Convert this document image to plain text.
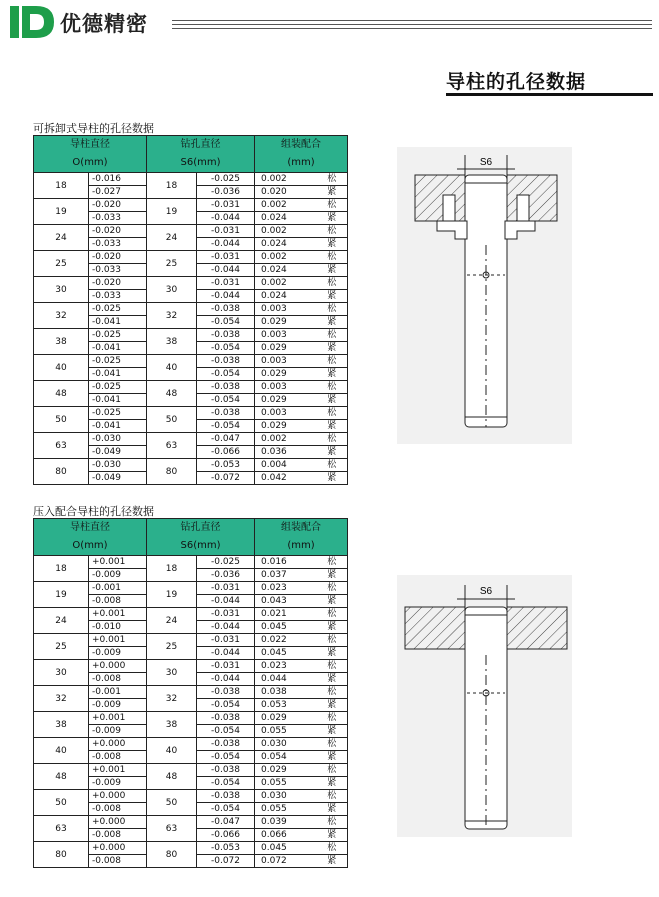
优德精密
导柱的孔径数据
可拆卸式导柱的孔径数据
导柱直径		钻孔直径		组装配合	
O(mm)		S6(mm)		(mm)	
18	-0.016	18	-0.025	0.002	松
	-0.027		-0.036	0.020	紧
19	-0.020	19	-0.031	0.002	松
	-0.033		-0.044	0.024	紧
24	-0.020	24	-0.031	0.002	松
	-0.033		-0.044	0.024	紧
25	-0.020	25	-0.031	0.002	松
	-0.033		-0.044	0.024	紧
30	-0.020	30	-0.031	0.002	松
	-0.033		-0.044	0.024	紧
32	-0.025	32	-0.038	0.003	松
	-0.041		-0.054	0.029	紧
38	-0.025	38	-0.038	0.003	松
	-0.041		-0.054	0.029	紧
40	-0.025	40	-0.038	0.003	松
	-0.041		-0.054	0.029	紧
48	-0.025	48	-0.038	0.003	松
	-0.041		-0.054	0.029	紧
50	-0.025	50	-0.038	0.003	松
	-0.041		-0.054	0.029	紧
63	-0.030	63	-0.047	0.002	松
	-0.049		-0.066	0.036	紧
80	-0.030	80	-0.053	0.004	松
	-0.049		-0.072	0.042	紧
压入配合导柱的孔径数据
导柱直径		钻孔直径		组装配合	
O(mm)		S6(mm)		(mm)	
18	+0.001	18	-0.025	0.016	松
	-0.009		-0.036	0.037	紧
19	-0.001	19	-0.031	0.023	松
	-0.008		-0.044	0.043	紧
24	+0.001	24	-0.031	0.021	松
	-0.010		-0.044	0.045	紧
25	+0.001	25	-0.031	0.022	松
	-0.009		-0.044	0.045	紧
30	+0.000	30	-0.031	0.023	松
	-0.008		-0.044	0.044	紧
32	-0.001	32	-0.038	0.038	松
	-0.009		-0.054	0.053	紧
38	+0.001	38	-0.038	0.029	松
	-0.009		-0.054	0.055	紧
40	+0.000	40	-0.038	0.030	松
	-0.008		-0.054	0.054	紧
48	+0.001	48	-0.038	0.029	松
	-0.009		-0.054	0.055	紧
50	+0.000	50	-0.038	0.030	松
	-0.008		-0.054	0.055	紧
63	+0.000	63	-0.047	0.039	松
	-0.008		-0.066	0.066	紧
80	+0.000	80	-0.053	0.045	松
	-0.008		-0.072	0.072	紧
S6
S6
